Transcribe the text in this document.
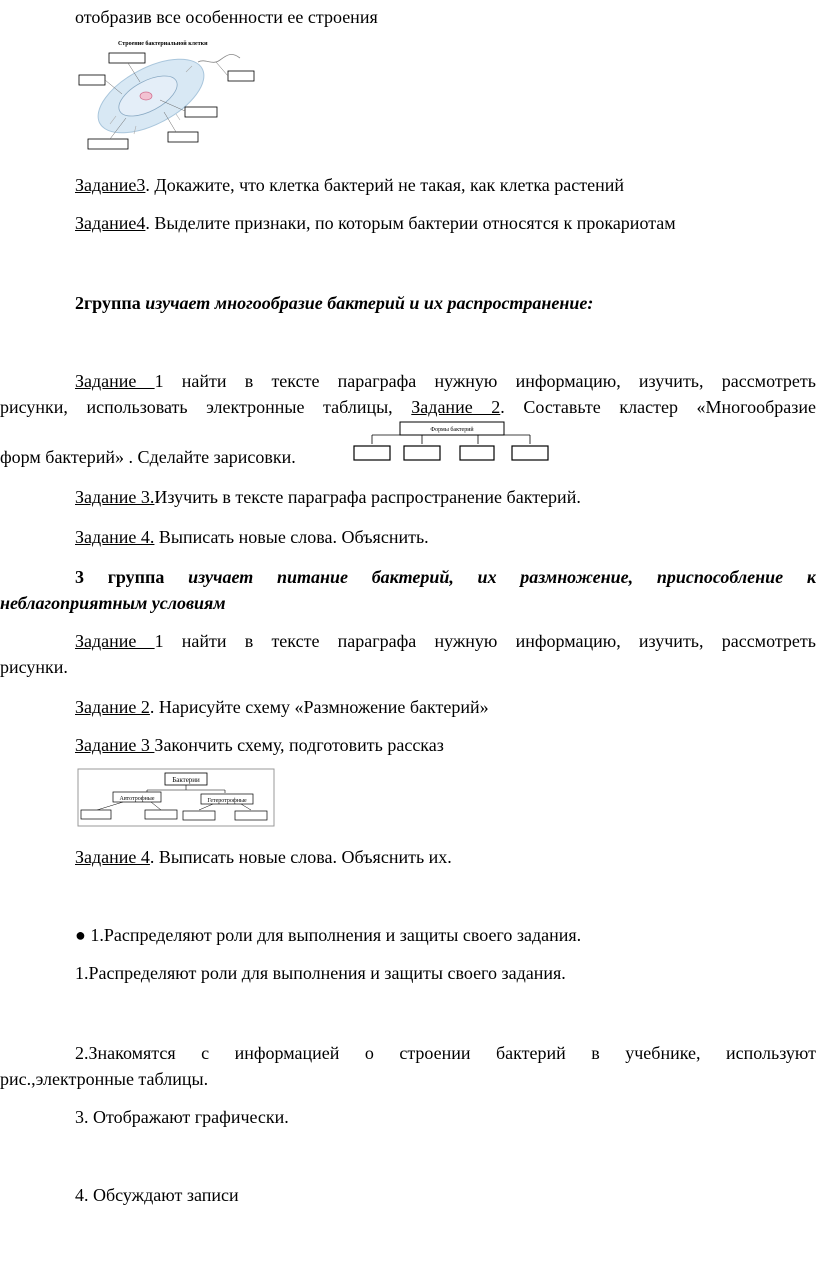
отобразив все особенности ее строения

Строение бактериальной клетки

Задание3. Докажите, что клетка бактерий не такая, как клетка растений

Задание4. Выделите признаки, по которым бактерии относятся к прокариотам

2группа изучает многообразие бактерий и их распространение:

Задание 1 найти в тексте параграфа нужную информацию, изучить, рассмотреть

рисунки, использовать электронные таблицы, Задание 2. Составьте кластер «Многообразие

форм бактерий» . Сделайте зарисовки.

Формы бактерий

Задание 3.Изучить в тексте параграфа распространение бактерий.

Задание 4. Выписать новые слова. Объяснить.

3 группа изучает питание бактерий, их размножение, приспособление к

неблагоприятным условиям

Задание 1 найти в тексте параграфа нужную информацию, изучить, рассмотреть

рисунки.

Задание 2. Нарисуйте схему «Размножение бактерий»

Задание 3 Закончить схему, подготовить рассказ

Бактерии
Автотрофные	Гетеротрофные

Задание 4. Выписать новые слова. Объяснить их.

● 1.Распределяют роли для выполнения и защиты своего задания.

1.Распределяют роли для выполнения и защиты своего задания.

2.Знакомятся с информацией о строении бактерий в учебнике, используют

рис.,электронные таблицы.

3. Отображают графически.

4. Обсуждают записи
